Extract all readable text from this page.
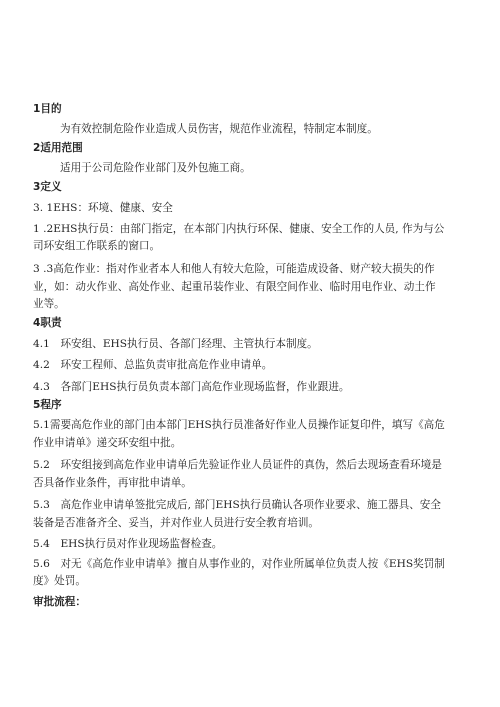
1目的
为有效控制危险作业造成人员伤害，规范作业流程，特制定本制度。
2适用范围
适用于公司危险作业部门及外包施工商。
3定义
3. 1EHS：环境、健康、安全
1 .2EHS执行员：由部门指定，在本部门内执行环保、健康、安全工作的人员, 作为与公
司环安组工作联系的窗口。
3 .3高危作业：指对作业者本人和他人有较大危险，可能造成设备、财产较大损失的作
业，如：动火作业、高处作业、起重吊装作业、有限空间作业、临时用电作业、动土作
业等。
4职责
4.1　环安组、EHS执行员、各部门经理、主管执行本制度。
4.2　环安工程师、总监负责审批高危作业申请单。
4.3　各部门EHS执行员负责本部门高危作业现场监督，作业跟进。
5程序
5.1需要高危作业的部门由本部门EHS执行员准备好作业人员操作证复印件，填写《高危
作业申请单》递交环安组中批。
5.2　环安组接到高危作业申请单后先验证作业人员证件的真伪，然后去现场查看环境是
否具备作业条件，再审批申请单。
5.3　高危作业申请单签批完成后, 部门EHS执行员确认各项作业要求、施工器具、安全
装备是否准备齐全、妥当，并对作业人员进行安全教育培训。
5.4　EHS执行员对作业现场监督检查。
5.6　对无《高危作业申请单》擅自从事作业的，对作业所属单位负责人按《EHS奖罚制
度》处罚。
审批流程：
